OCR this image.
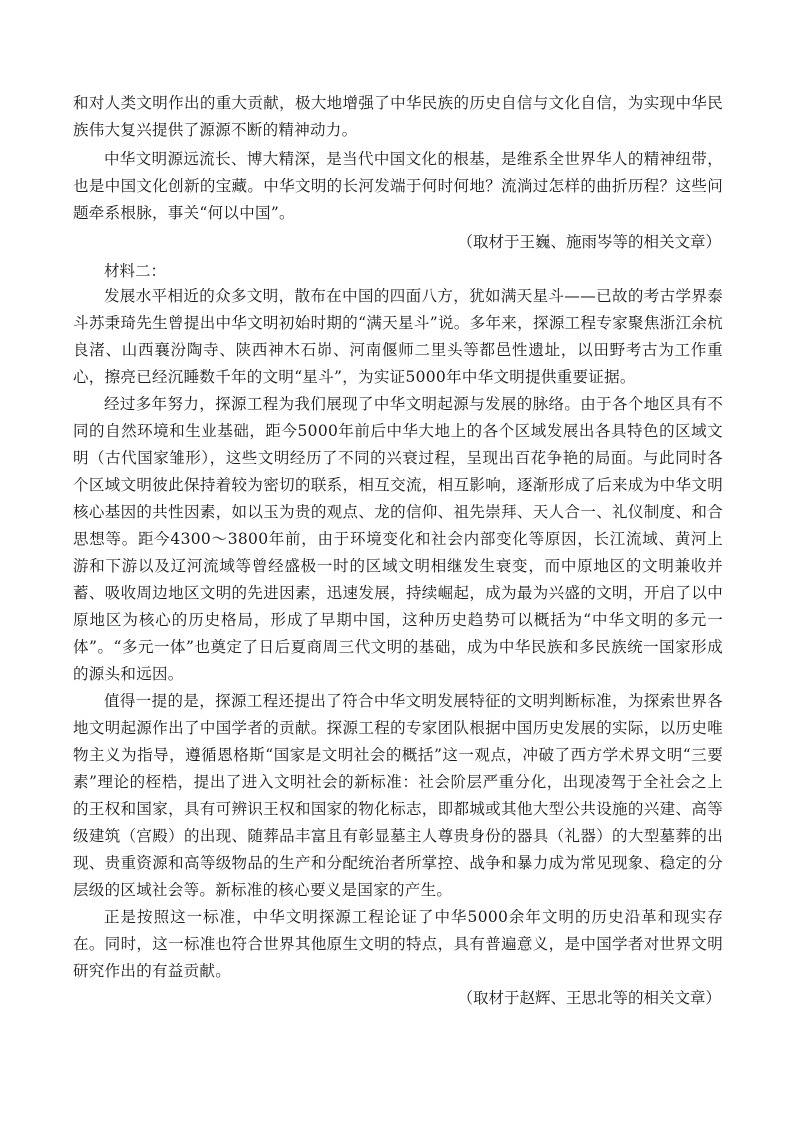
和对人类文明作出的重大贡献，极大地增强了中华民族的历史自信与文化自信，为实现中华民族伟大复兴提供了源源不断的精神动力。

中华文明源远流长、博大精深，是当代中国文化的根基，是维系全世界华人的精神纽带，也是中国文化创新的宝藏。中华文明的长河发端于何时何地？流淌过怎样的曲折历程？这些问题牵系根脉，事关“何以中国”。

（取材于王巍、施雨岑等的相关文章）

材料二：

发展水平相近的众多文明，散布在中国的四面八方，犹如满天星斗——已故的考古学界泰斗苏秉琦先生曾提出中华文明初始时期的“满天星斗”说。多年来，探源工程专家聚焦浙江余杭良渚、山西襄汾陶寺、陕西神木石峁、河南偃师二里头等都邑性遗址，以田野考古为工作重心，擦亮已经沉睡数千年的文明“星斗”，为实证5000年中华文明提供重要证据。

经过多年努力，探源工程为我们展现了中华文明起源与发展的脉络。由于各个地区具有不同的自然环境和生业基础，距今5000年前后中华大地上的各个区域发展出各具特色的区域文明（古代国家雏形），这些文明经历了不同的兴衰过程，呈现出百花争艳的局面。与此同时各个区域文明彼此保持着较为密切的联系，相互交流，相互影响，逐渐形成了后来成为中华文明核心基因的共性因素，如以玉为贵的观点、龙的信仰、祖先崇拜、天人合一、礼仪制度、和合思想等。距今4300～3800年前，由于环境变化和社会内部变化等原因，长江流域、黄河上游和下游以及辽河流域等曾经盛极一时的区域文明相继发生衰变，而中原地区的文明兼收并蓄、吸收周边地区文明的先进因素，迅速发展，持续崛起，成为最为兴盛的文明，开启了以中原地区为核心的历史格局，形成了早期中国，这种历史趋势可以概括为“中华文明的多元一体”。“多元一体”也奠定了日后夏商周三代文明的基础，成为中华民族和多民族统一国家形成的源头和远因。

值得一提的是，探源工程还提出了符合中华文明发展特征的文明判断标准，为探索世界各地文明起源作出了中国学者的贡献。探源工程的专家团队根据中国历史发展的实际，以历史唯物主义为指导，遵循恩格斯“国家是文明社会的概括”这一观点，冲破了西方学术界文明“三要素”理论的桎梏，提出了进入文明社会的新标准：社会阶层严重分化，出现凌驾于全社会之上的王权和国家，具有可辨识王权和国家的物化标志，即都城或其他大型公共设施的兴建、高等级建筑（宫殿）的出现、随葬品丰富且有彰显墓主人尊贵身份的器具（礼器）的大型墓葬的出现、贵重资源和高等级物品的生产和分配统治者所掌控、战争和暴力成为常见现象、稳定的分层级的区域社会等。新标准的核心要义是国家的产生。

正是按照这一标准，中华文明探源工程论证了中华5000余年文明的历史沿革和现实存在。同时，这一标准也符合世界其他原生文明的特点，具有普遍意义，是中国学者对世界文明研究作出的有益贡献。

（取材于赵辉、王思北等的相关文章）
